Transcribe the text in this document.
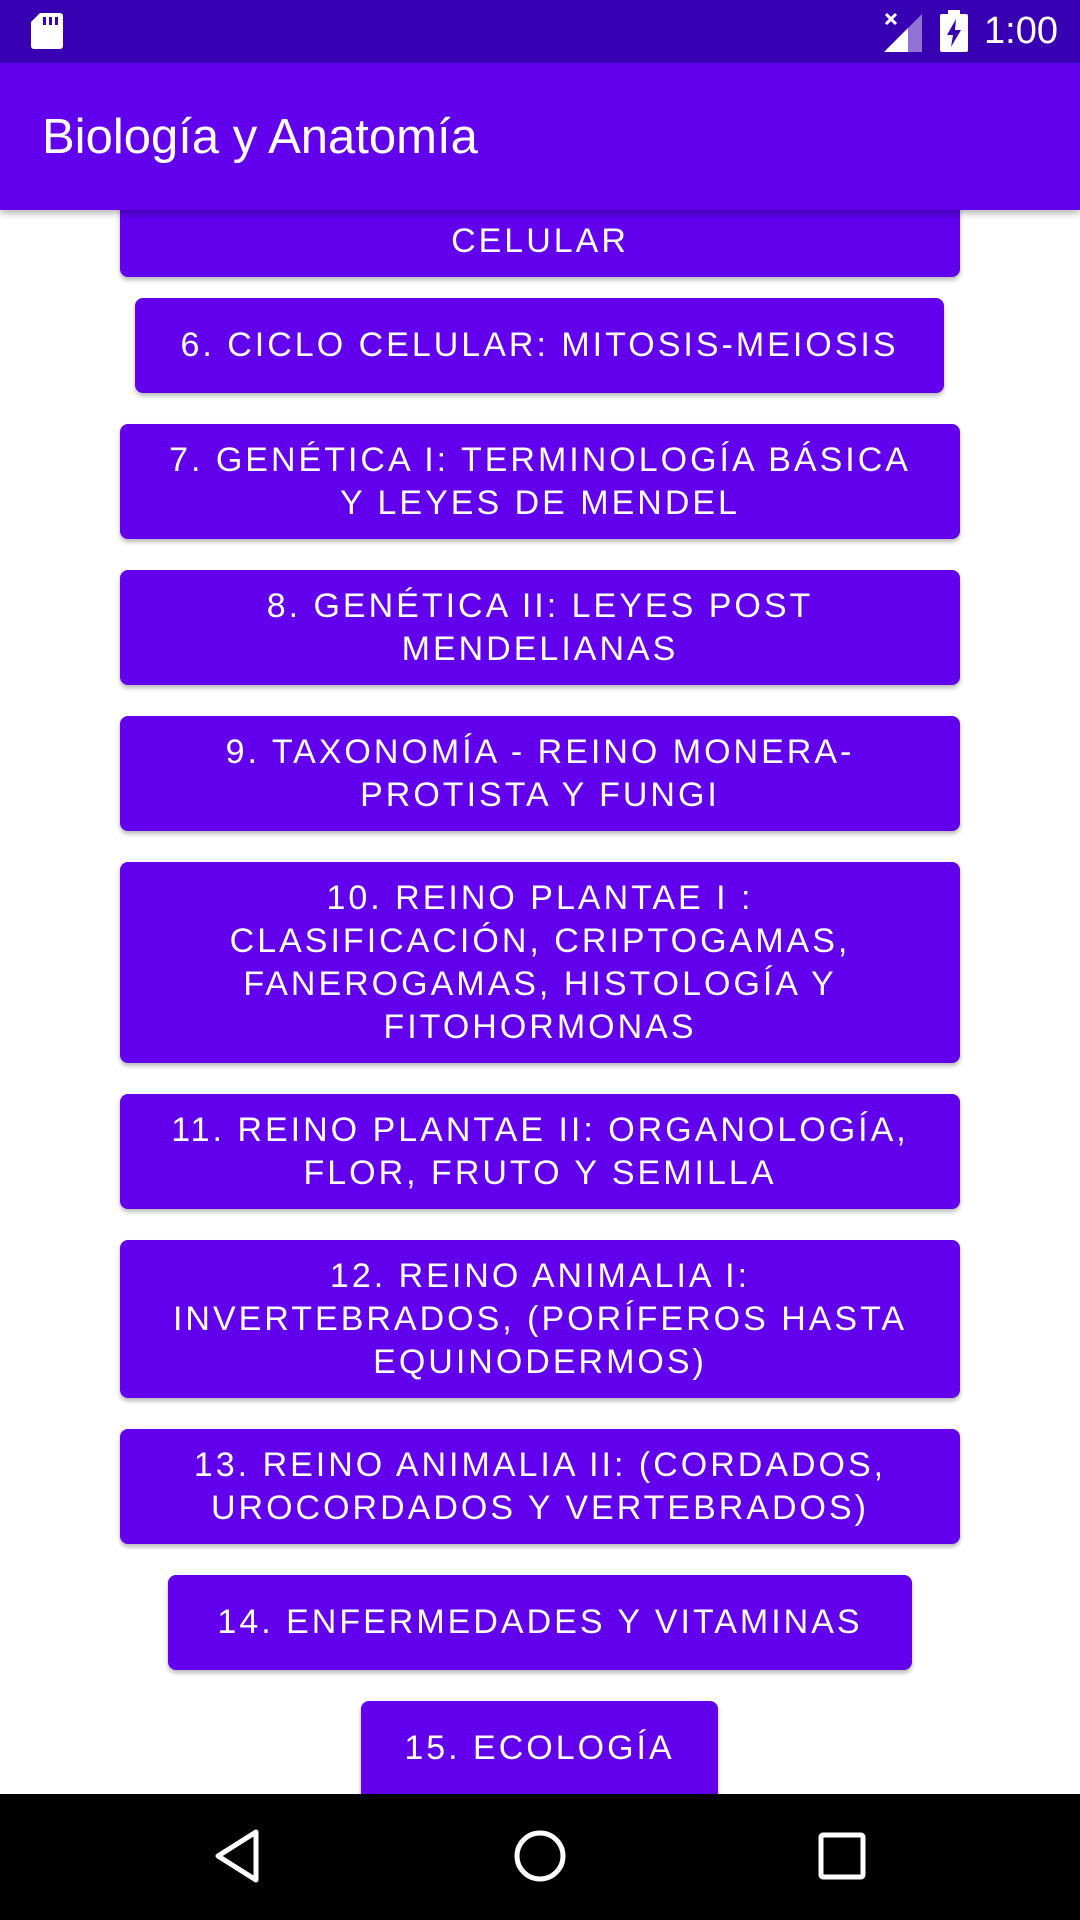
1:00
Biología y Anatomía
CELULAR
6. CICLO CELULAR: MITOSIS-MEIOSIS
7. GENÉTICA I: TERMINOLOGÍA BÁSICA Y LEYES DE MENDEL
8. GENÉTICA II: LEYES POST MENDELIANAS
9. TAXONOMÍA - REINO MONERA-PROTISTA Y FUNGI
10. REINO PLANTAE I : CLASIFICACIÓN, CRIPTOGAMAS, FANEROGAMAS, HISTOLOGÍA Y FITOHORMONAS
11. REINO PLANTAE II: ORGANOLOGÍA, FLOR, FRUTO Y SEMILLA
12. REINO ANIMALIA I: INVERTEBRADOS, (PORÍFEROS HASTA EQUINODERMOS)
13. REINO ANIMALIA II: (CORDADOS, UROCORDADOS Y VERTEBRADOS)
14. ENFERMEDADES Y VITAMINAS
15. ECOLOGÍA
